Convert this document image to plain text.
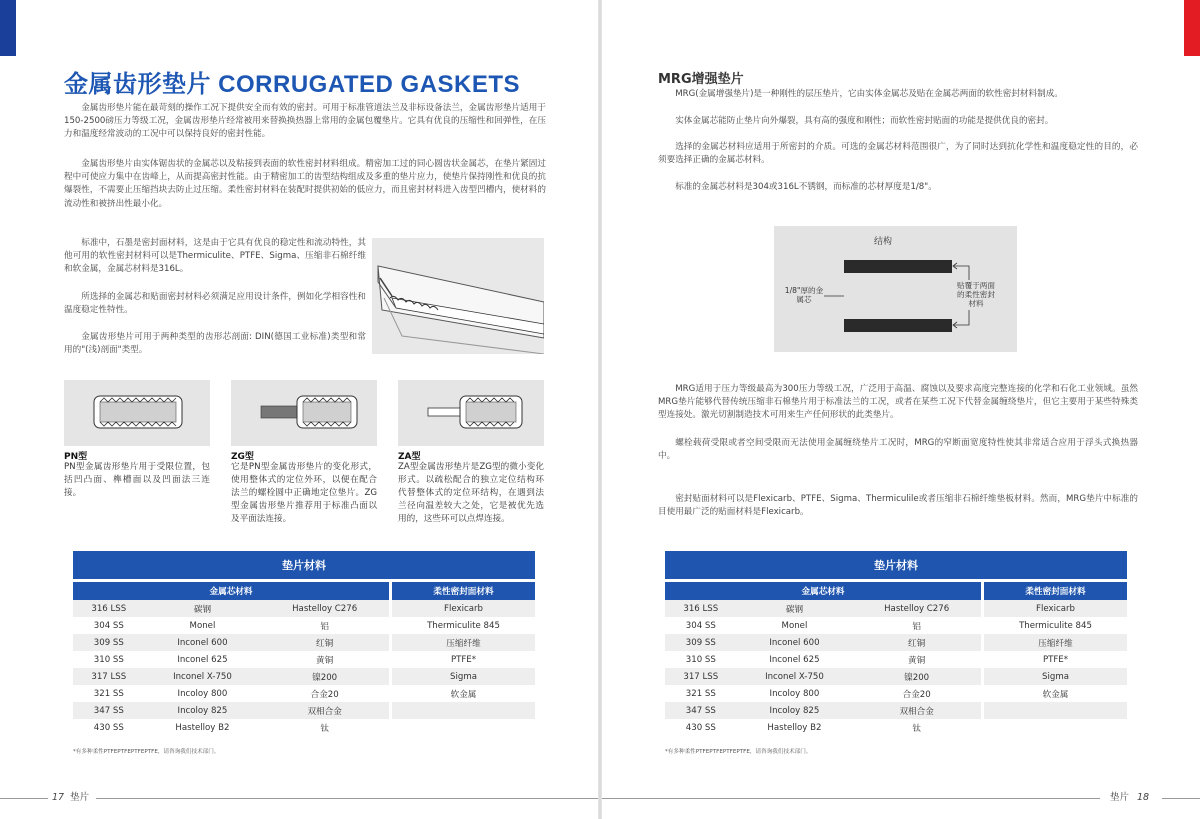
金属齿形垫片 CORRUGATED GASKETS

金属齿形垫片能在最苛刻的操作工况下提供安全而有效的密封。可用于标准管道法兰及非标设备法兰，金属齿形垫片适用于150-2500磅压力等级工况，金属齿形垫片经常被用来替换换热器上常用的金属包覆垫片。它具有优良的压缩性和回弹性，在压力和温度经常波动的工况中可以保持良好的密封性能。

金属齿形垫片由实体锯齿状的金属芯以及粘接到表面的软性密封材料组成。精密加工过的同心圆齿状金属芯，在垫片紧固过程中可使应力集中在齿峰上，从而提高密封性能。由于精密加工的齿型结构组成及多重的垫片应力，使垫片保持刚性和优良的抗爆裂性，不需要止压缩挡块去防止过压缩。柔性密封材料在装配时提供初始的低应力，而且密封材料进入齿型凹槽内，使材料的流动性和被挤出性最小化。

标准中，石墨是密封面材料，这是由于它具有优良的稳定性和流动特性，其他可用的软性密封材料可以是Thermiculite、PTFE、Sigma、压缩非石棉纤维和软金属，金属芯材料是316L。

所选择的金属芯和贴面密封材料必须满足应用设计条件，例如化学相容性和温度稳定性特性。

金属齿形垫片可用于两种类型的齿形芯剖面: DIN(德国工业标准)类型和常用的"(浅)剖面"类型。

PN型	ZG型	ZA型
PN型金属齿形垫片用于受限位置，包括凹凸面、榫槽面以及凹面法三连接。
它是PN型金属齿形垫片的变化形式，使用整体式的定位外环，以便在配合法兰的螺栓圆中正确地定位垫片。ZG型金属齿形垫片推荐用于标准凸面以及平面法连接。
ZA型金属齿形垫片是ZG型的微小变化形式。以疏松配合的独立定位结构环代替整体式的定位环结构，在遇到法兰径向温差较大之处，它是被优先选用的，这些环可以点焊连接。
垫片材料			
金属芯材料			柔性密封面材料
316 LSS	碳钢	Hastelloy C276	Flexicarb
304 SS	Monel	铝	Thermiculite 845
309 SS	Inconel 600	红铜	压缩纤维
310 SS	Inconel 625	黄铜	PTFE*
317 LSS	Inconel X-750	镍200	Sigma
321 SS	Incoloy 800	合金20	软金属
347 SS	Incoloy 825	双相合金	
430 SS	Hastelloy B2	钛	
*有多种柔性PTFEPTFEPTFEPTFE，请咨询我们技术部门。
17 垫片
MRG增强垫片

MRG(金属增强垫片)是一种刚性的层压垫片，它由实体金属芯及贴在金属芯两面的软性密封材料制成。

实体金属芯能防止垫片向外爆裂，具有高的强度和刚性；而软性密封贴面的功能是提供优良的密封。

选择的金属芯材料应适用于所密封的介质。可选的金属芯材料范围很广，为了同时达到抗化学性和温度稳定性的目的，必须要选择正确的金属芯材料。

标准的金属芯材料是304或316L不锈钢，而标准的芯材厚度是1/8"。

结构
1/8"厚的金属芯
贴覆于两面的柔性密封材料

MRG适用于压力等级最高为300压力等级工况，广泛用于高温、腐蚀以及要求高度完整连接的化学和石化工业领域。虽然MRG垫片能够代替传统压缩非石棉垫片用于标准法兰的工况，或者在某些工况下代替金属缠绕垫片，但它主要用于某些特殊类型连接处。激光切割制造技术可用来生产任何形状的此类垫片。

螺栓载荷受限或者空间受限而无法使用金属缠绕垫片工况时，MRG的窄断面宽度特性使其非常适合应用于浮头式换热器中。

密封贴面材料可以是Flexicarb、PTFE、Sigma、Thermiculile或者压缩非石棉纤维垫板材料。然而，MRG垫片中标准的目使用最广泛的贴面材料是Flexicarb。

垫片材料			
金属芯材料			柔性密封面材料
316 LSS	碳钢	Hastelloy C276	Flexicarb
304 SS	Monel	铝	Thermiculite 845
309 SS	Inconel 600	红铜	压缩纤维
310 SS	Inconel 625	黄铜	PTFE*
317 LSS	Inconel X-750	镍200	Sigma
321 SS	Incoloy 800	合金20	软金属
347 SS	Incoloy 825	双相合金	
430 SS	Hastelloy B2	钛	
*有多种柔性PTFEPTFEPTFEPTFE，请咨询我们技术部门。
垫片 18
